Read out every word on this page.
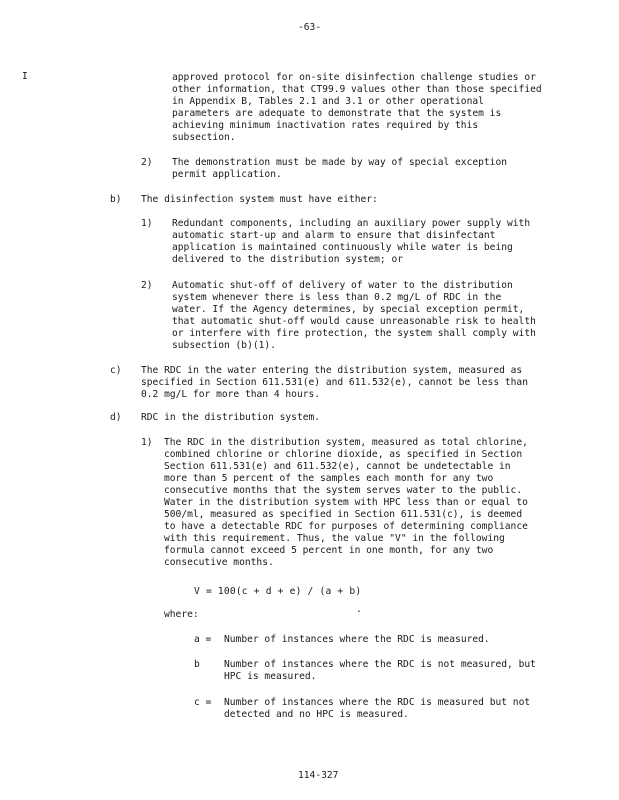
-63-
I
.
114-327
approved protocol for on-site disinfection challenge studies or
other information, that CT99.9 values other than those specified
in Appendix B, Tables 2.1 and 3.1 or other operational
parameters are adequate to demonstrate that the system is
achieving minimum inactivation rates required by this
subsection.
2) The demonstration must be made by way of special exception
permit application.
b) The disinfection system must have either:
1) Redundant components, including an auxiliary power supply with
automatic start-up and alarm to ensure that disinfectant
application is maintained continuously while water is being
delivered to the distribution system; or
2) Automatic shut-off of delivery of water to the distribution
system whenever there is less than 0.2 mg/L of RDC in the
water. If the Agency determines, by special exception permit,
that automatic shut-off would cause unreasonable risk to health
or interfere with fire protection, the system shall comply with
subsection (b)(1).
c) The RDC in the water entering the distribution system, measured as
specified in Section 611.531(e) and 611.532(e), cannot be less than
0.2 mg/L for more than 4 hours.
d) RDC in the distribution system.
1) The RDC in the distribution system, measured as total chlorine,
combined chlorine or chlorine dioxide, as specified in Section
Section 611.531(e) and 611.532(e), cannot be undetectable in
more than 5 percent of the samples each month for any two
consecutive months that the system serves water to the public.
Water in the distribution system with HPC less than or equal to
500/ml, measured as specified in Section 611.531(c), is deemed
to have a detectable RDC for purposes of determining compliance
with this requirement. Thus, the value "V" in the following
formula cannot exceed 5 percent in one month, for any two
consecutive months.
V = 100(c + d + e) / (a + b)
where:
a = Number of instances where the RDC is measured.
b	Number of instances where the RDC is not measured, but
HPC is measured.
c = Number of instances where the RDC is measured but not
detected and no HPC is measured.
